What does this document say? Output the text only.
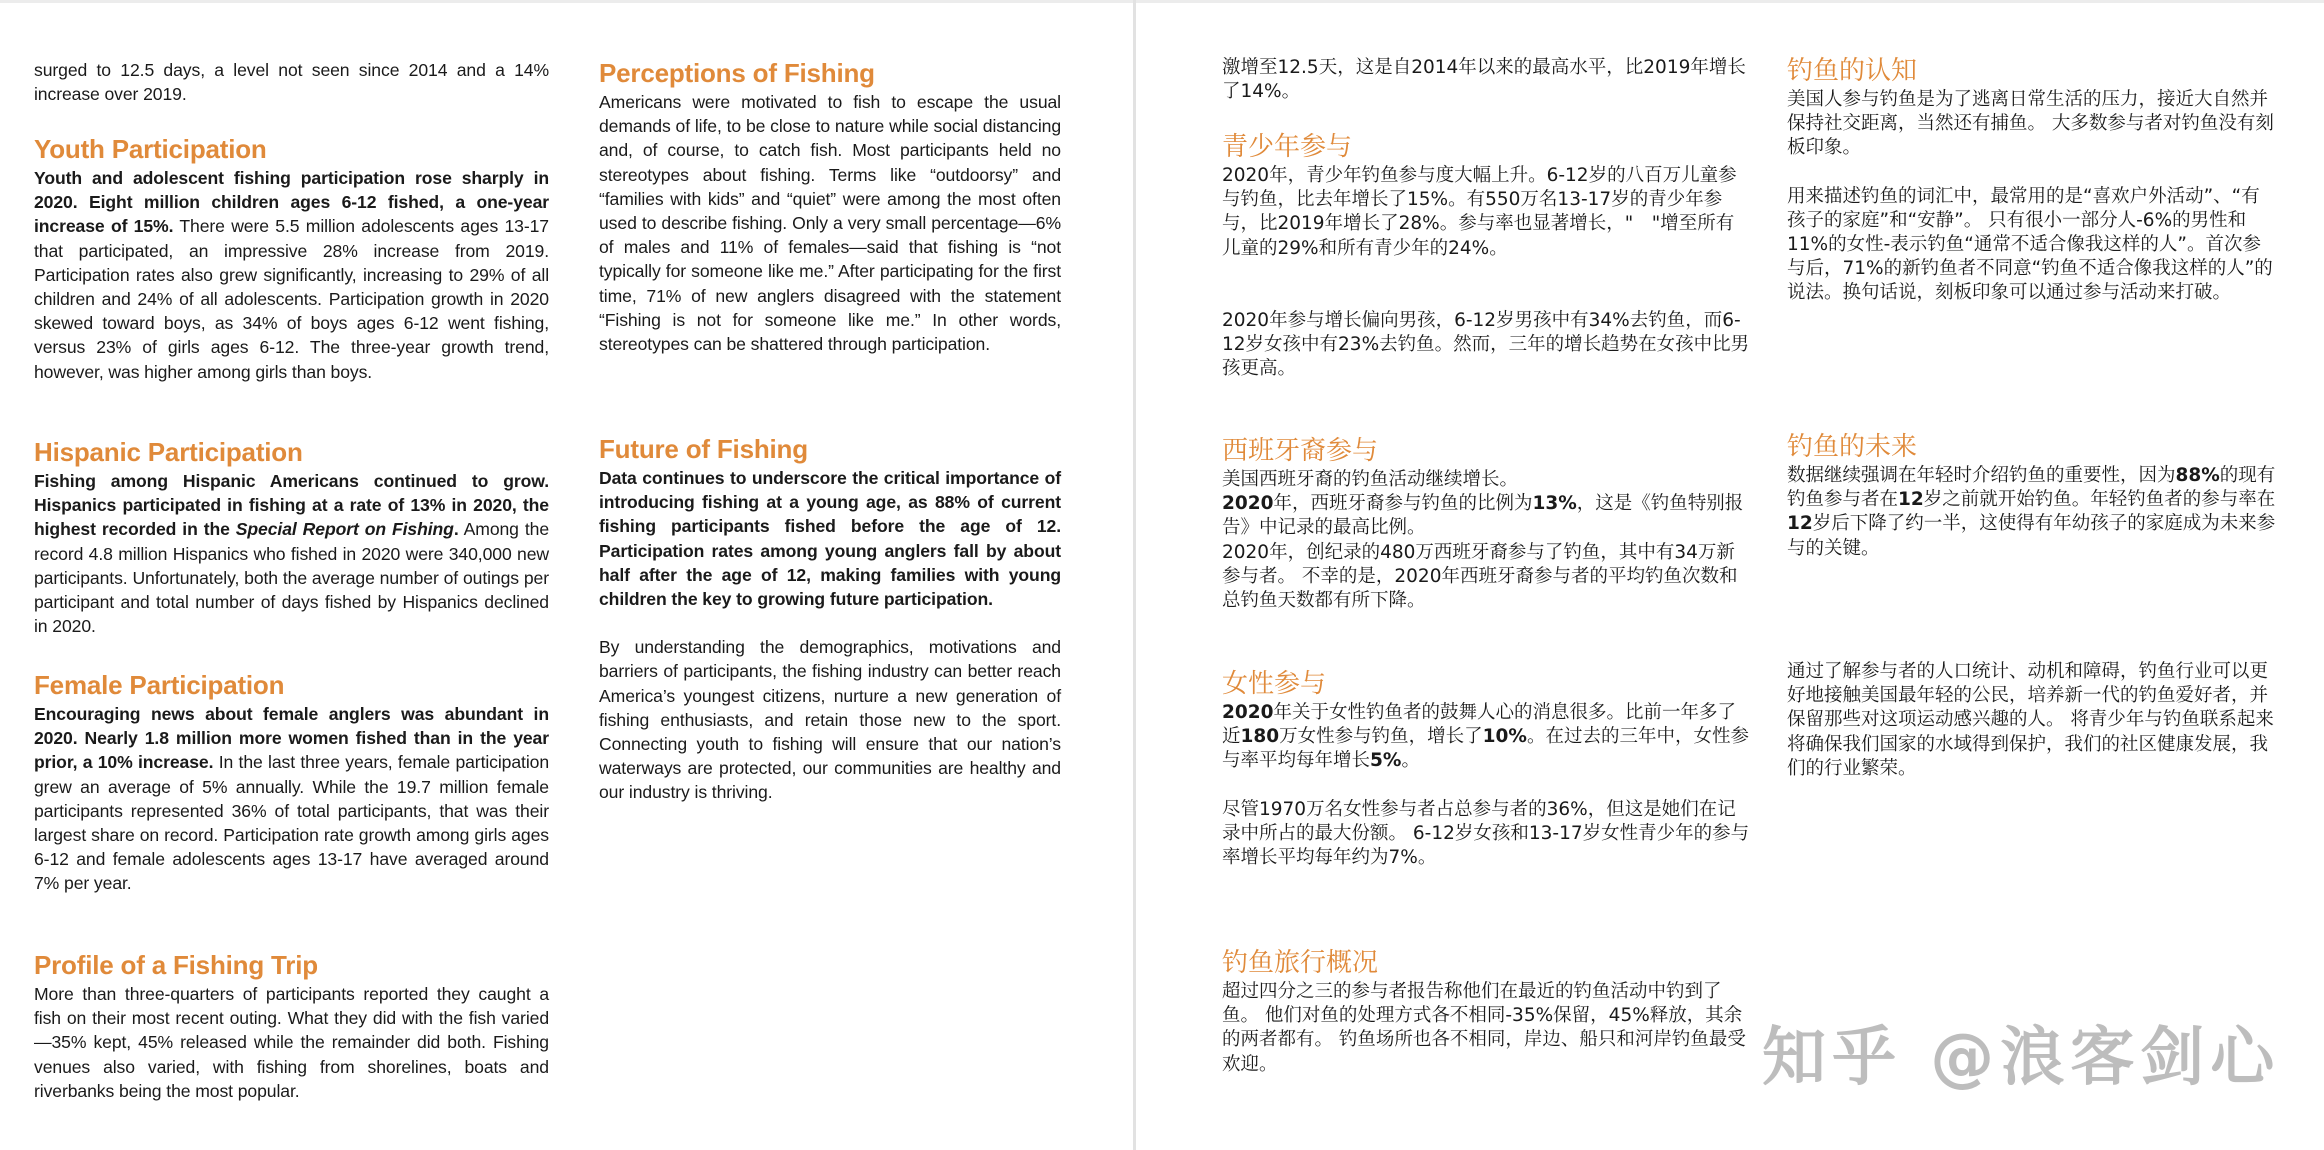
surged to 12.5 days, a level not seen since 2014 and a 14% increase over 2019.

Youth Participation

Youth and adolescent fishing participation rose sharply in 2020. Eight million children ages 6-12 fished, a one-year increase of 15%. There were 5.5 million adolescents ages 13-17 that participated, an impressive 28% increase from 2019. Participation rates also grew significantly, increasing to 29% of all children and 24% of all adolescents. Participation growth in 2020 skewed toward boys, as 34% of boys ages 6-12 went fishing, versus 23% of girls ages 6-12. The three-year growth trend, however, was higher among girls than boys.

Hispanic Participation

Fishing among Hispanic Americans continued to grow. Hispanics participated in fishing at a rate of 13% in 2020, the highest recorded in the Special Report on Fishing. Among the record 4.8 million Hispanics who fished in 2020 were 340,000 new participants. Unfortunately, both the average number of outings per participant and total number of days fished by Hispanics declined in 2020.

Female Participation

Encouraging news about female anglers was abundant in 2020. Nearly 1.8 million more women fished than in the year prior, a 10% increase. In the last three years, female participation grew an average of 5% annually. While the 19.7 million female participants represented 36% of total participants, that was their largest share on record. Participation rate growth among girls ages 6-12 and female adolescents ages 13-17 have averaged around 7% per year.

Profile of a Fishing Trip

More than three-quarters of participants reported they caught a fish on their most recent outing. What they did with the fish varied—35% kept, 45% released while the remainder did both. Fishing venues also varied, with fishing from shorelines, boats and riverbanks being the most popular.

Perceptions of Fishing

Americans were motivated to fish to escape the usual demands of life, to be close to nature while social distancing and, of course, to catch fish. Most participants held no stereotypes about fishing. Terms like “outdoorsy” and “families with kids” and “quiet” were among the most often used to describe fishing. Only a very small percentage—6% of males and 11% of females—said that fishing is “not typically for someone like me.” After participating for the first time, 71% of new anglers disagreed with the statement “Fishing is not for someone like me.” In other words, stereotypes can be shattered through participation.

Future of Fishing

Data continues to underscore the critical importance of introducing fishing at a young age, as 88% of current fishing participants fished before the age of 12. Participation rates among young anglers fall by about half after the age of 12, making families with young children the key to growing future participation.

By understanding the demographics, motivations and barriers of participants, the fishing industry can better reach America’s youngest citizens, nurture a new generation of fishing enthusiasts, and retain those new to the sport. Connecting youth to fishing will ensure that our nation’s waterways are protected, our communities are healthy and our industry is thriving.

激增至12.5天，这是自2014年以来的最高水平，比2019年增长了14%。

青少年参与

2020年，青少年钓鱼参与度大幅上升。6-12岁的八百万儿童参与钓鱼，比去年增长了15%。有550万名13-17岁的青少年参与，比2019年增长了28%。参与率也显著增长，"　"增至所有儿童的29%和所有青少年的24%。

2020年参与增长偏向男孩，6-12岁男孩中有34%去钓鱼，而6-12岁女孩中有23%去钓鱼。然而，三年的增长趋势在女孩中比男孩更高。

西班牙裔参与

美国西班牙裔的钓鱼活动继续增长。

2020年，西班牙裔参与钓鱼的比例为13%，这是《钓鱼特别报告》中记录的最高比例。

2020年，创纪录的480万西班牙裔参与了钓鱼，其中有34万新参与者。 不幸的是，2020年西班牙裔参与者的平均钓鱼次数和总钓鱼天数都有所下降。

女性参与

2020年关于女性钓鱼者的鼓舞人心的消息很多。比前一年多了近180万女性参与钓鱼，增长了10%。在过去的三年中，女性参与率平均每年增长5%。

尽管1970万名女性参与者占总参与者的36%，但这是她们在记录中所占的最大份额。 6-12岁女孩和13-17岁女性青少年的参与率增长平均每年约为7%。

钓鱼旅行概况

超过四分之三的参与者报告称他们在最近的钓鱼活动中钓到了鱼。 他们对鱼的处理方式各不相同-35%保留，45%释放，其余的两者都有。 钓鱼场所也各不相同，岸边、船只和河岸钓鱼最受欢迎。

钓鱼的认知

美国人参与钓鱼是为了逃离日常生活的压力，接近大自然并保持社交距离，当然还有捕鱼。 大多数参与者对钓鱼没有刻板印象。

用来描述钓鱼的词汇中，最常用的是“喜欢户外活动”、“有孩子的家庭”和“安静”。 只有很小一部分人-6%的男性和11%的女性-表示钓鱼“通常不适合像我这样的人”。首次参与后，71%的新钓鱼者不同意“钓鱼不适合像我这样的人”的说法。换句话说，刻板印象可以通过参与活动来打破。

钓鱼的未来

数据继续强调在年轻时介绍钓鱼的重要性，因为88%的现有钓鱼参与者在12岁之前就开始钓鱼。年轻钓鱼者的参与率在12岁后下降了约一半，这使得有年幼孩子的家庭成为未来参与的关键。

通过了解参与者的人口统计、动机和障碍，钓鱼行业可以更好地接触美国最年轻的公民，培养新一代的钓鱼爱好者，并保留那些对这项运动感兴趣的人。 将青少年与钓鱼联系起来将确保我们国家的水域得到保护，我们的社区健康发展，我们的行业繁荣。

知乎 @浪客剑心
